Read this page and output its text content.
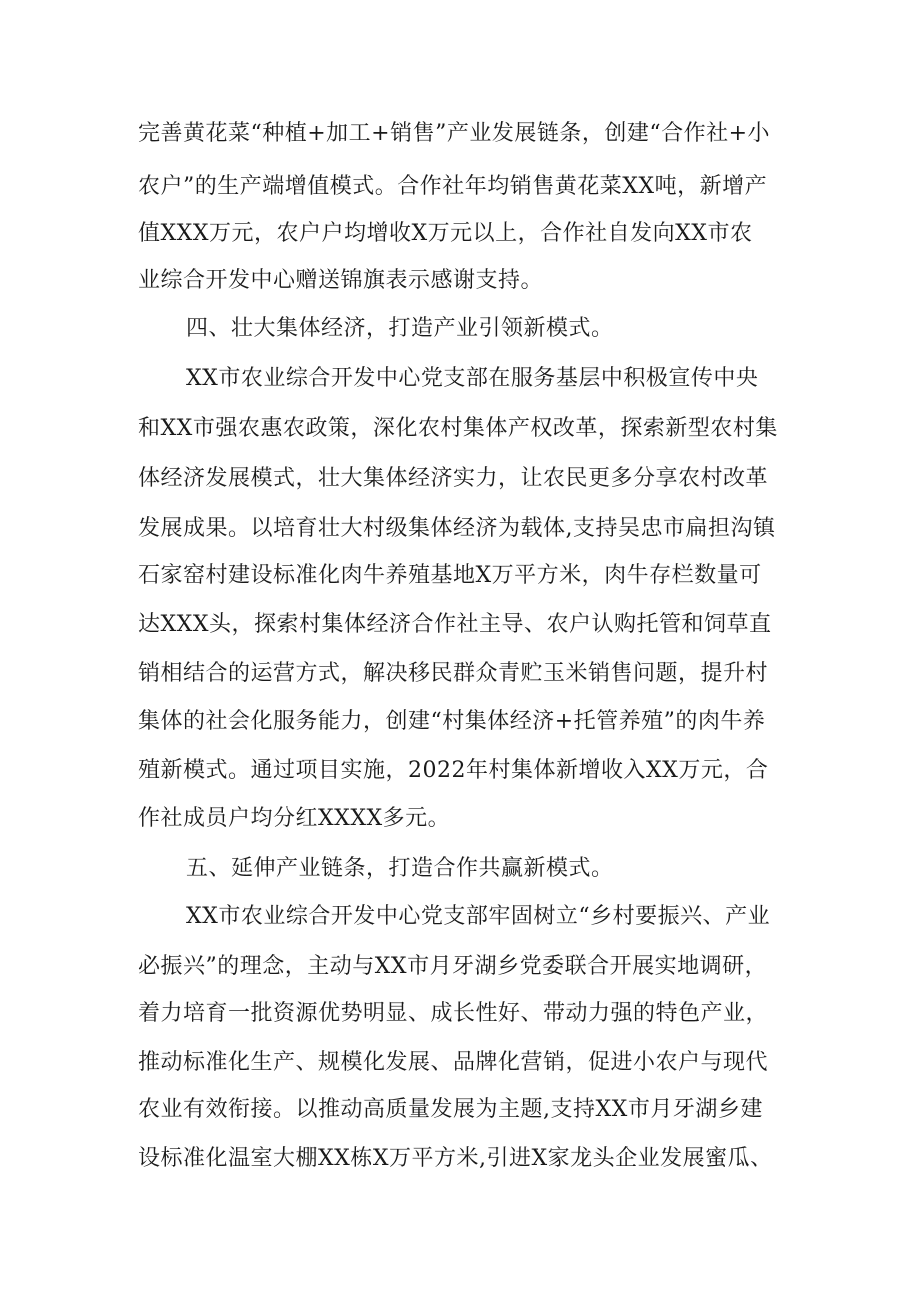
完善黄花菜“种植+加工+销售”产业发展链条，创建“合作社+小
农户”的生产端增值模式。合作社年均销售黄花菜XX吨，新增产
值XXX万元，农户户均增收X万元以上，合作社自发向XX市农
业综合开发中心赠送锦旗表示感谢支持。
四、壮大集体经济，打造产业引领新模式。
XX市农业综合开发中心党支部在服务基层中积极宣传中央
和XX市强农惠农政策，深化农村集体产权改革，探索新型农村集
体经济发展模式，壮大集体经济实力，让农民更多分享农村改革
发展成果。以培育壮大村级集体经济为载体,支持吴忠市扁担沟镇
石家窑村建设标准化肉牛养殖基地X万平方米，肉牛存栏数量可
达XXX头，探索村集体经济合作社主导、农户认购托管和饲草直
销相结合的运营方式，解决移民群众青贮玉米销售问题，提升村
集体的社会化服务能力，创建“村集体经济+托管养殖”的肉牛养
殖新模式。通过项目实施，2022年村集体新增收入XX万元，合
作社成员户均分红XXXX多元。
五、延伸产业链条，打造合作共赢新模式。
XX市农业综合开发中心党支部牢固树立“乡村要振兴、产业
必振兴”的理念，主动与XX市月牙湖乡党委联合开展实地调研，
着力培育一批资源优势明显、成长性好、带动力强的特色产业，
推动标准化生产、规模化发展、品牌化营销，促进小农户与现代
农业有效衔接。以推动高质量发展为主题,支持XX市月牙湖乡建
设标准化温室大棚XX栋X万平方米,引进X家龙头企业发展蜜瓜、
